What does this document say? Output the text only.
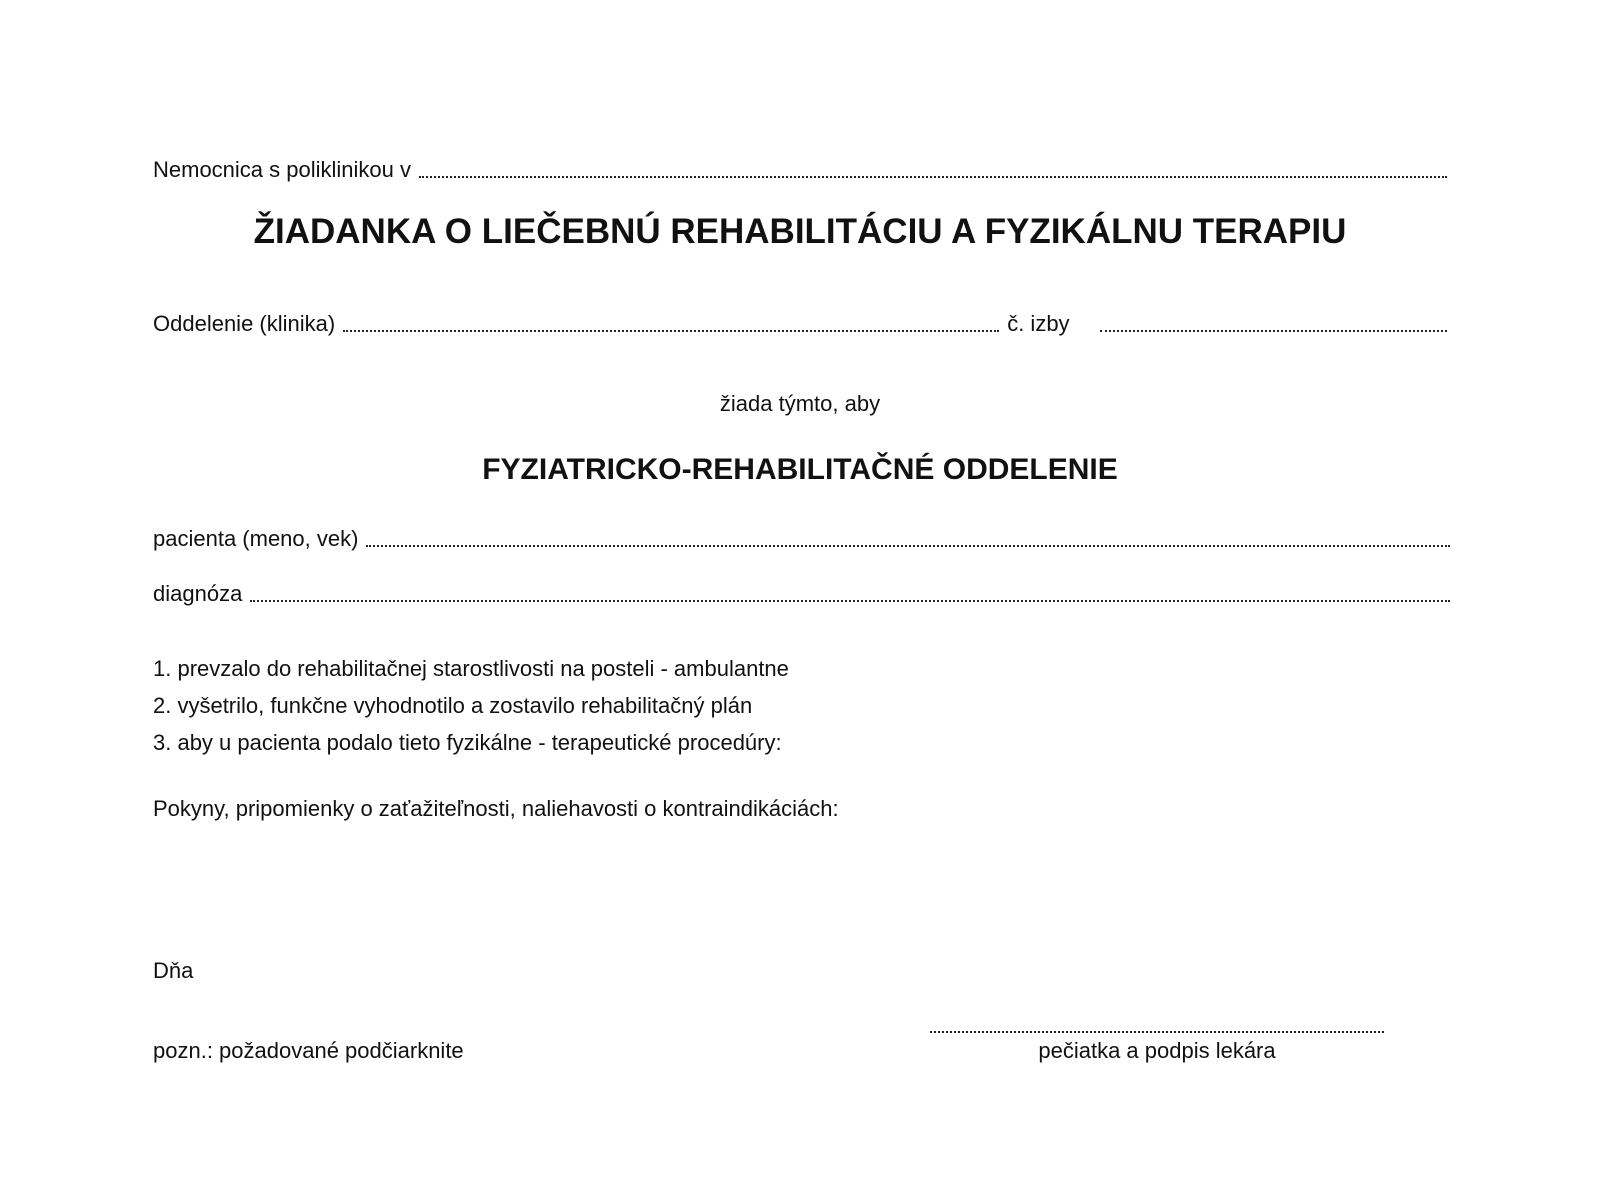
Nemocnica s poliklinikou v
ŽIADANKA O LIEČEBNÚ REHABILITÁCIU A FYZIKÁLNU TERAPIU
Oddelenie (klinika)	č. izby
žiada týmto, aby
FYZIATRICKO-REHABILITAČNÉ ODDELENIE
pacienta (meno, vek)
diagnóza
1. prevzalo do rehabilitačnej starostlivosti na posteli - ambulantne
2. vyšetrilo, funkčne vyhodnotilo a zostavilo rehabilitačný plán
3. aby u pacienta podalo tieto fyzikálne - terapeutické procedúry:
Pokyny, pripomienky o zaťažiteľnosti, naliehavosti o kontraindikáciách:
Dňa
pozn.: požadované podčiarknite	pečiatka a podpis lekára
